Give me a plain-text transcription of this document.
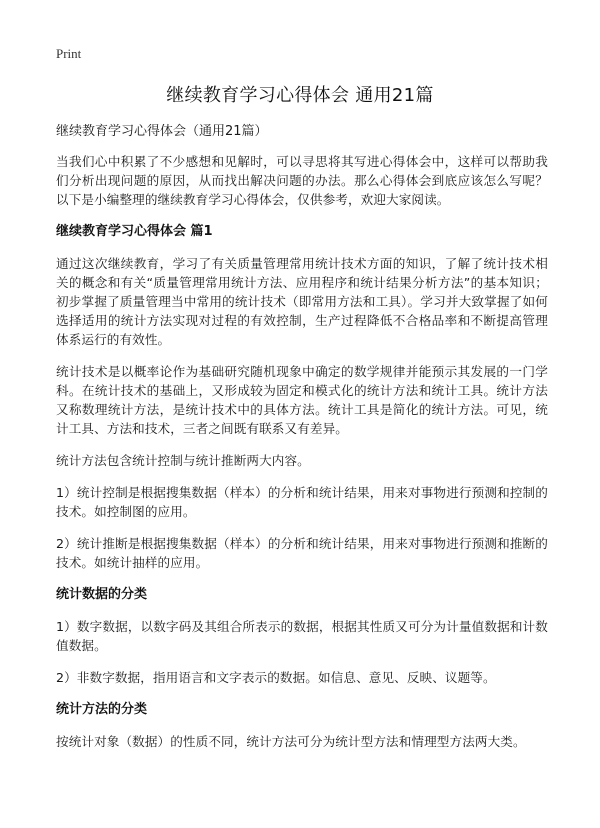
Print
继续教育学习心得体会 通用21篇

继续教育学习心得体会（通用21篇）

当我们心中积累了不少感想和见解时，可以寻思将其写进心得体会中，这样可以帮助我们分析出现问题的原因，从而找出解决问题的办法。那么心得体会到底应该怎么写呢？以下是小编整理的继续教育学习心得体会，仅供参考，欢迎大家阅读。

继续教育学习心得体会 篇1

通过这次继续教育，学习了有关质量管理常用统计技术方面的知识，了解了统计技术相关的概念和有关“质量管理常用统计方法、应用程序和统计结果分析方法”的基本知识；初步掌握了质量管理当中常用的统计技术（即常用方法和工具）。学习并大致掌握了如何选择适用的统计方法实现对过程的有效控制，生产过程降低不合格品率和不断提高管理体系运行的有效性。

统计技术是以概率论作为基础研究随机现象中确定的数学规律并能预示其发展的一门学科。在统计技术的基础上，又形成较为固定和模式化的统计方法和统计工具。统计方法又称数理统计方法，是统计技术中的具体方法。统计工具是简化的统计方法。可见，统计工具、方法和技术，三者之间既有联系又有差异。

统计方法包含统计控制与统计推断两大内容。

1）统计控制是根据搜集数据（样本）的分析和统计结果，用来对事物进行预测和控制的技术。如控制图的应用。

2）统计推断是根据搜集数据（样本）的分析和统计结果，用来对事物进行预测和推断的技术。如统计抽样的应用。

统计数据的分类

1）数字数据，以数字码及其组合所表示的数据，根据其性质又可分为计量值数据和计数值数据。

2）非数字数据，指用语言和文字表示的数据。如信息、意见、反映、议题等。

统计方法的分类

按统计对象（数据）的性质不同，统计方法可分为统计型方法和情理型方法两大类。
